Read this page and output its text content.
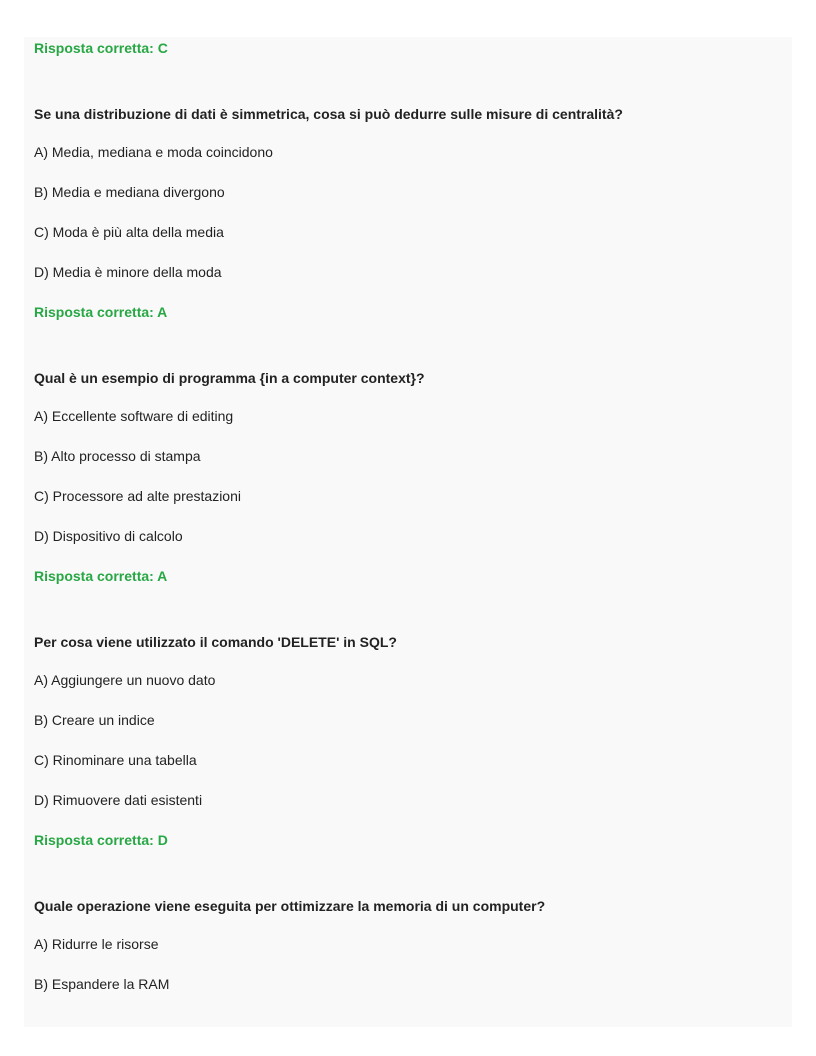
Risposta corretta: C

Se una distribuzione di dati è simmetrica, cosa si può dedurre sulle misure di centralità?

A) Media, mediana e moda coincidono

B) Media e mediana divergono

C) Moda è più alta della media

D) Media è minore della moda

Risposta corretta: A

Qual è un esempio di programma {in a computer context}?

A) Eccellente software di editing

B) Alto processo di stampa

C) Processore ad alte prestazioni

D) Dispositivo di calcolo

Risposta corretta: A

Per cosa viene utilizzato il comando 'DELETE' in SQL?

A) Aggiungere un nuovo dato

B) Creare un indice

C) Rinominare una tabella

D) Rimuovere dati esistenti

Risposta corretta: D

Quale operazione viene eseguita per ottimizzare la memoria di un computer?

A) Ridurre le risorse

B) Espandere la RAM
